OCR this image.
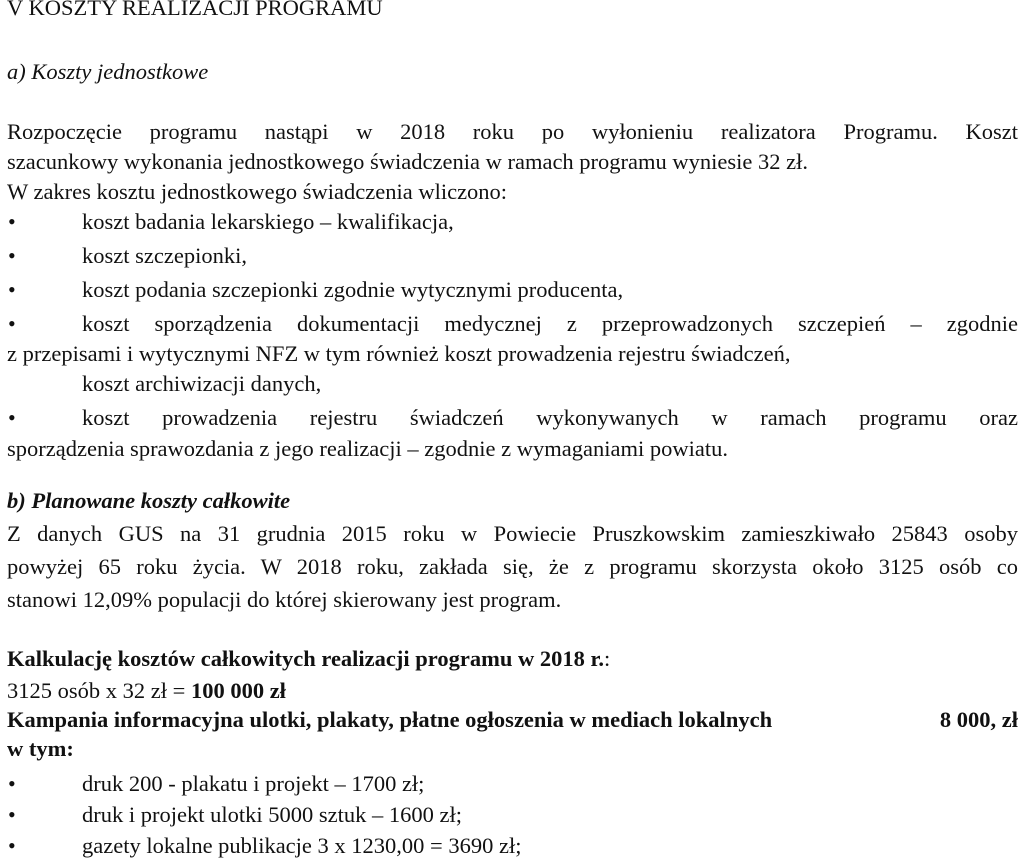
V KOSZTY REALIZACJI PROGRAMU
a) Koszty jednostkowe
Rozpoczęcie programu nastąpi w 2018 roku po wyłonieniu realizatora Programu. Koszt
szacunkowy wykonania jednostkowego świadczenia w ramach programu wyniesie 32 zł.
W zakres kosztu jednostkowego świadczenia wliczono:
•	koszt badania lekarskiego – kwalifikacja,
•	koszt szczepionki,
•	koszt podania szczepionki zgodnie wytycznymi producenta,
•	koszt sporządzenia dokumentacji medycznej z przeprowadzonych szczepień – zgodnie
z przepisami i wytycznymi NFZ w tym również koszt prowadzenia rejestru świadczeń,
koszt archiwizacji danych,
•	koszt prowadzenia rejestru świadczeń wykonywanych w ramach programu oraz
sporządzenia sprawozdania z jego realizacji – zgodnie z wymaganiami powiatu.
b) Planowane koszty całkowite
Z danych GUS na 31 grudnia 2015 roku w Powiecie Pruszkowskim zamieszkiwało 25843 osoby
powyżej 65 roku życia. W 2018 roku, zakłada się, że z programu skorzysta około 3125 osób co
stanowi 12,09% populacji do której skierowany jest program.
Kalkulację kosztów całkowitych realizacji programu w 2018 r.:
3125 osób x 32 zł = 100 000 zł
Kampania informacyjna ulotki, plakaty, płatne ogłoszenia w mediach lokalnych	8 000, zł
w tym:
•	druk 200 - plakatu i projekt – 1700 zł;
•	druk i projekt ulotki 5000 sztuk – 1600 zł;
•	gazety lokalne publikacje 3 x 1230,00 = 3690 zł;
